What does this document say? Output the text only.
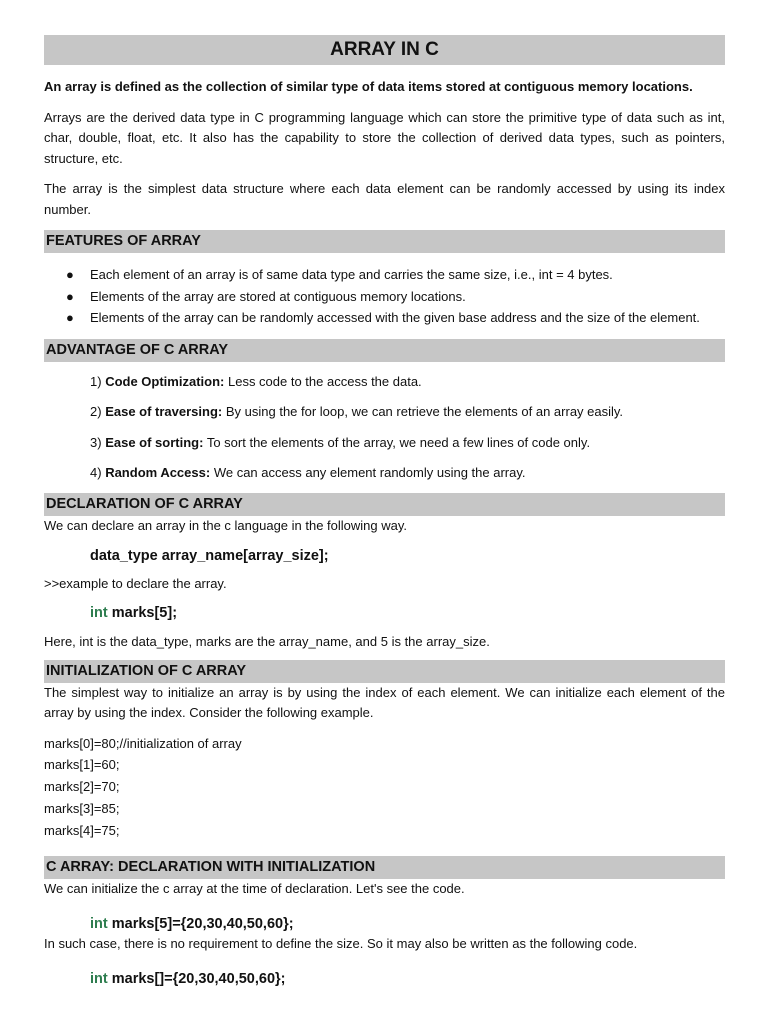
ARRAY IN C

An array is defined as the collection of similar type of data items stored at contiguous memory locations.

Arrays are the derived data type in C programming language which can store the primitive type of data such as int, char, double, float, etc. It also has the capability to store the collection of derived data types, such as pointers, structure, etc.

The array is the simplest data structure where each data element can be randomly accessed by using its index number.

FEATURES OF ARRAY
● Each element of an array is of same data type and carries the same size, i.e., int = 4 bytes.
● Elements of the array are stored at contiguous memory locations.
● Elements of the array can be randomly accessed with the given base address and the size of the element.
ADVANTAGE OF C ARRAY
1) Code Optimization: Less code to the access the data.
2) Ease of traversing: By using the for loop, we can retrieve the elements of an array easily.
3) Ease of sorting: To sort the elements of the array, we need a few lines of code only.
4) Random Access: We can access any element randomly using the array.
DECLARATION OF C ARRAY

We can declare an array in the c language in the following way.

data_type array_name[array_size];

>>example to declare the array.

int marks[5];

Here, int is the data_type, marks are the array_name, and 5 is the array_size.

INITIALIZATION OF C ARRAY

The simplest way to initialize an array is by using the index of each element. We can initialize each element of the array by using the index. Consider the following example.

marks[0]=80;//initialization of array
marks[1]=60;
marks[2]=70;
marks[3]=85;
marks[4]=75;
C ARRAY: DECLARATION WITH INITIALIZATION

We can initialize the c array at the time of declaration. Let's see the code.

int marks[5]={20,30,40,50,60};

In such case, there is no requirement to define the size. So it may also be written as the following code.

int marks[]={20,30,40,50,60};
